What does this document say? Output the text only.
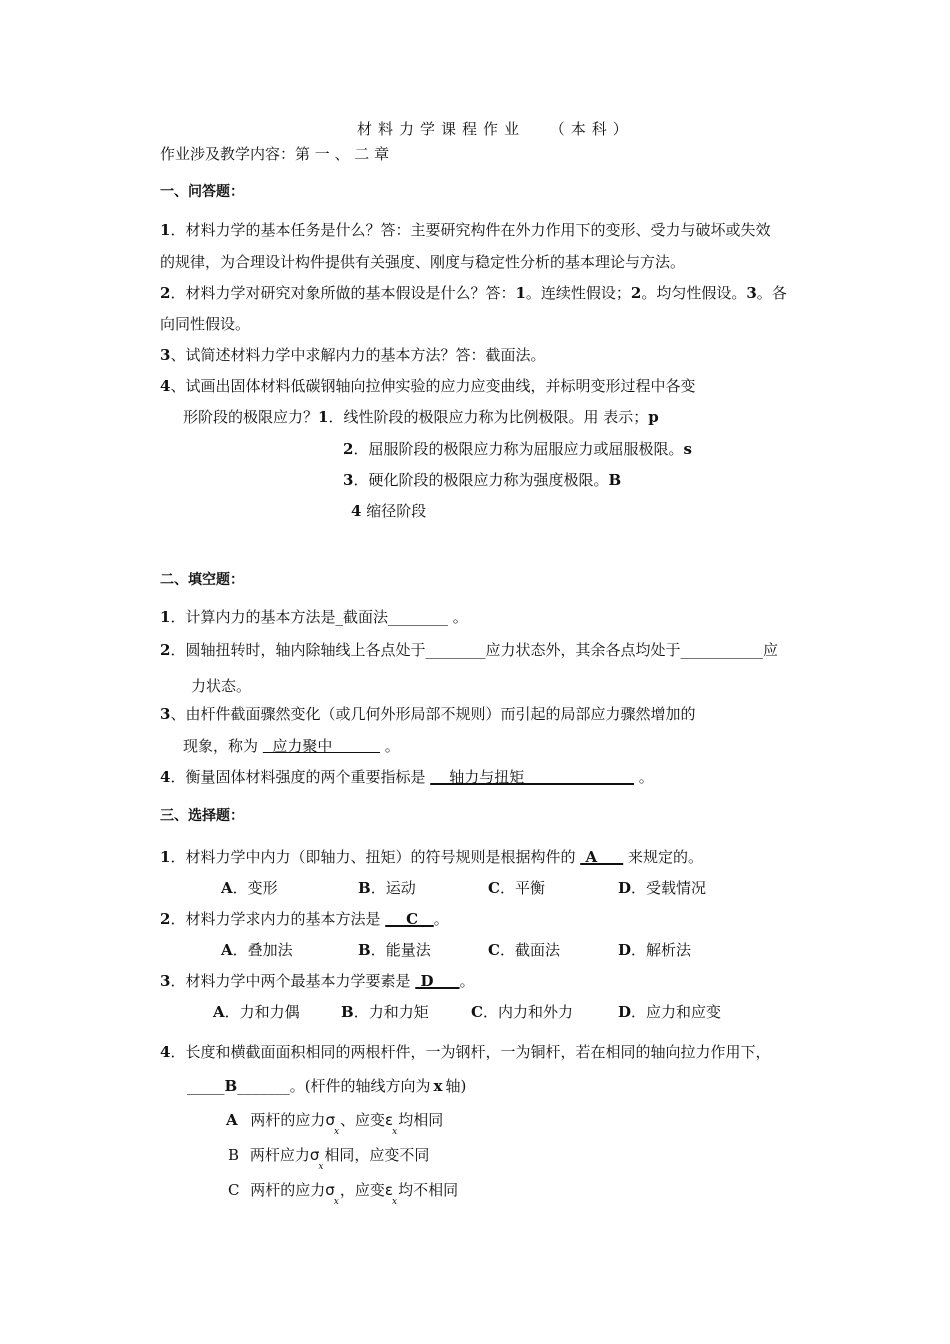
材料力学课程作业 （本科）
作业涉及教学内容：第 一 、 二 章
一、问答题：
1．材料力学的基本任务是什么？答：主要研究构件在外力作用下的变形、受力与破坏或失效
的规律，为合理设计构件提供有关强度、刚度与稳定性分析的基本理论与方法。
2．材料力学对研究对象所做的基本假设是什么？答：1。连续性假设；2。均匀性假设。3。各
向同性假设。
3、试简述材料力学中求解内力的基本方法？答：截面法。
4、试画出固体材料低碳钢轴向拉伸实验的应力应变曲线，并标明变形过程中各变
形阶段的极限应力？1．线性阶段的极限应力称为比例极限。用 表示；p
2．屈服阶段的极限应力称为屈服应力或屈服极限。s
3．硬化阶段的极限应力称为强度极限。B
4 缩径阶段
二、填空题：
1．计算内力的基本方法是_截面法________ 。
2．圆轴扭转时，轴内除轴线上各点处于________应力状态外，其余各点均处于___________应
力状态。
3、由杆件截面骤然变化（或几何外形局部不规则）而引起的局部应力骤然增加的
现象，称为   应力聚中           。
4．衡量固体材料强度的两个重要指标是     轴力与扭矩                        。
三、选择题：
1．材料力学中内力（即轴力、扭矩）的符号规则是根据构件的  A      来规定的。
A．变形	B．运动	C．平衡	D．受载情况
2．材料力学求内力的基本方法是     C   。
A．叠加法	B．能量法	C．截面法	D．解析法
3．材料力学中两个最基本力学要素是  D     。
A．力和力偶	B．力和力矩	C．内力和外力	D．应力和应变
4．长度和横截面面积相同的两根杆件，一为钢杆，一为铜杆，若在相同的轴向拉力作用下，
_____B_______。(杆件的轴线方向为 x 轴)
A 两杆的应力$\sigma_x$、应变$\varepsilon_x$均相同
B 两杆应力$\sigma_x$相同，应变不同
C 两杆的应力$\sigma_x$，应变$\varepsilon_x$均不相同
